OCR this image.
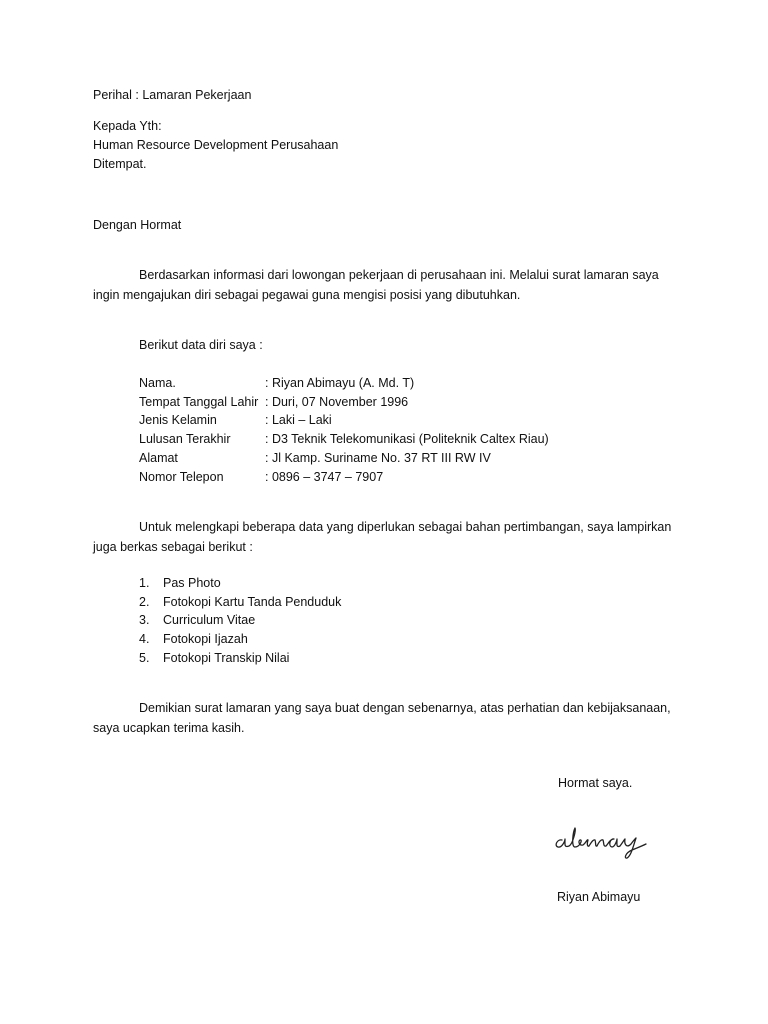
Perihal : Lamaran Pekerjaan
Kepada Yth:
Human Resource Development Perusahaan
Ditempat.
Dengan Hormat
Berdasarkan informasi dari lowongan pekerjaan di perusahaan ini. Melalui surat lamaran saya ingin mengajukan diri sebagai pegawai guna mengisi posisi yang dibutuhkan.
Berikut data diri saya :
Nama.	: Riyan Abimayu (A. Md. T)
Tempat Tanggal Lahir : Duri, 07 November 1996
Jenis Kelamin	: Laki – Laki
Lulusan Terakhir	: D3 Teknik Telekomunikasi (Politeknik Caltex Riau)
Alamat	: Jl Kamp. Suriname No. 37 RT III RW IV
Nomor Telepon	: 0896 – 3747 – 7907
Untuk melengkapi beberapa data yang diperlukan sebagai bahan pertimbangan, saya lampirkan juga berkas sebagai berikut :
1. Pas Photo
2. Fotokopi Kartu Tanda Penduduk
3. Curriculum Vitae
4. Fotokopi Ijazah
5. Fotokopi Transkip Nilai
Demikian surat lamaran yang saya buat dengan sebenarnya, atas perhatian dan kebijaksanaan, saya ucapkan terima kasih.
Hormat saya.
Riyan Abimayu
